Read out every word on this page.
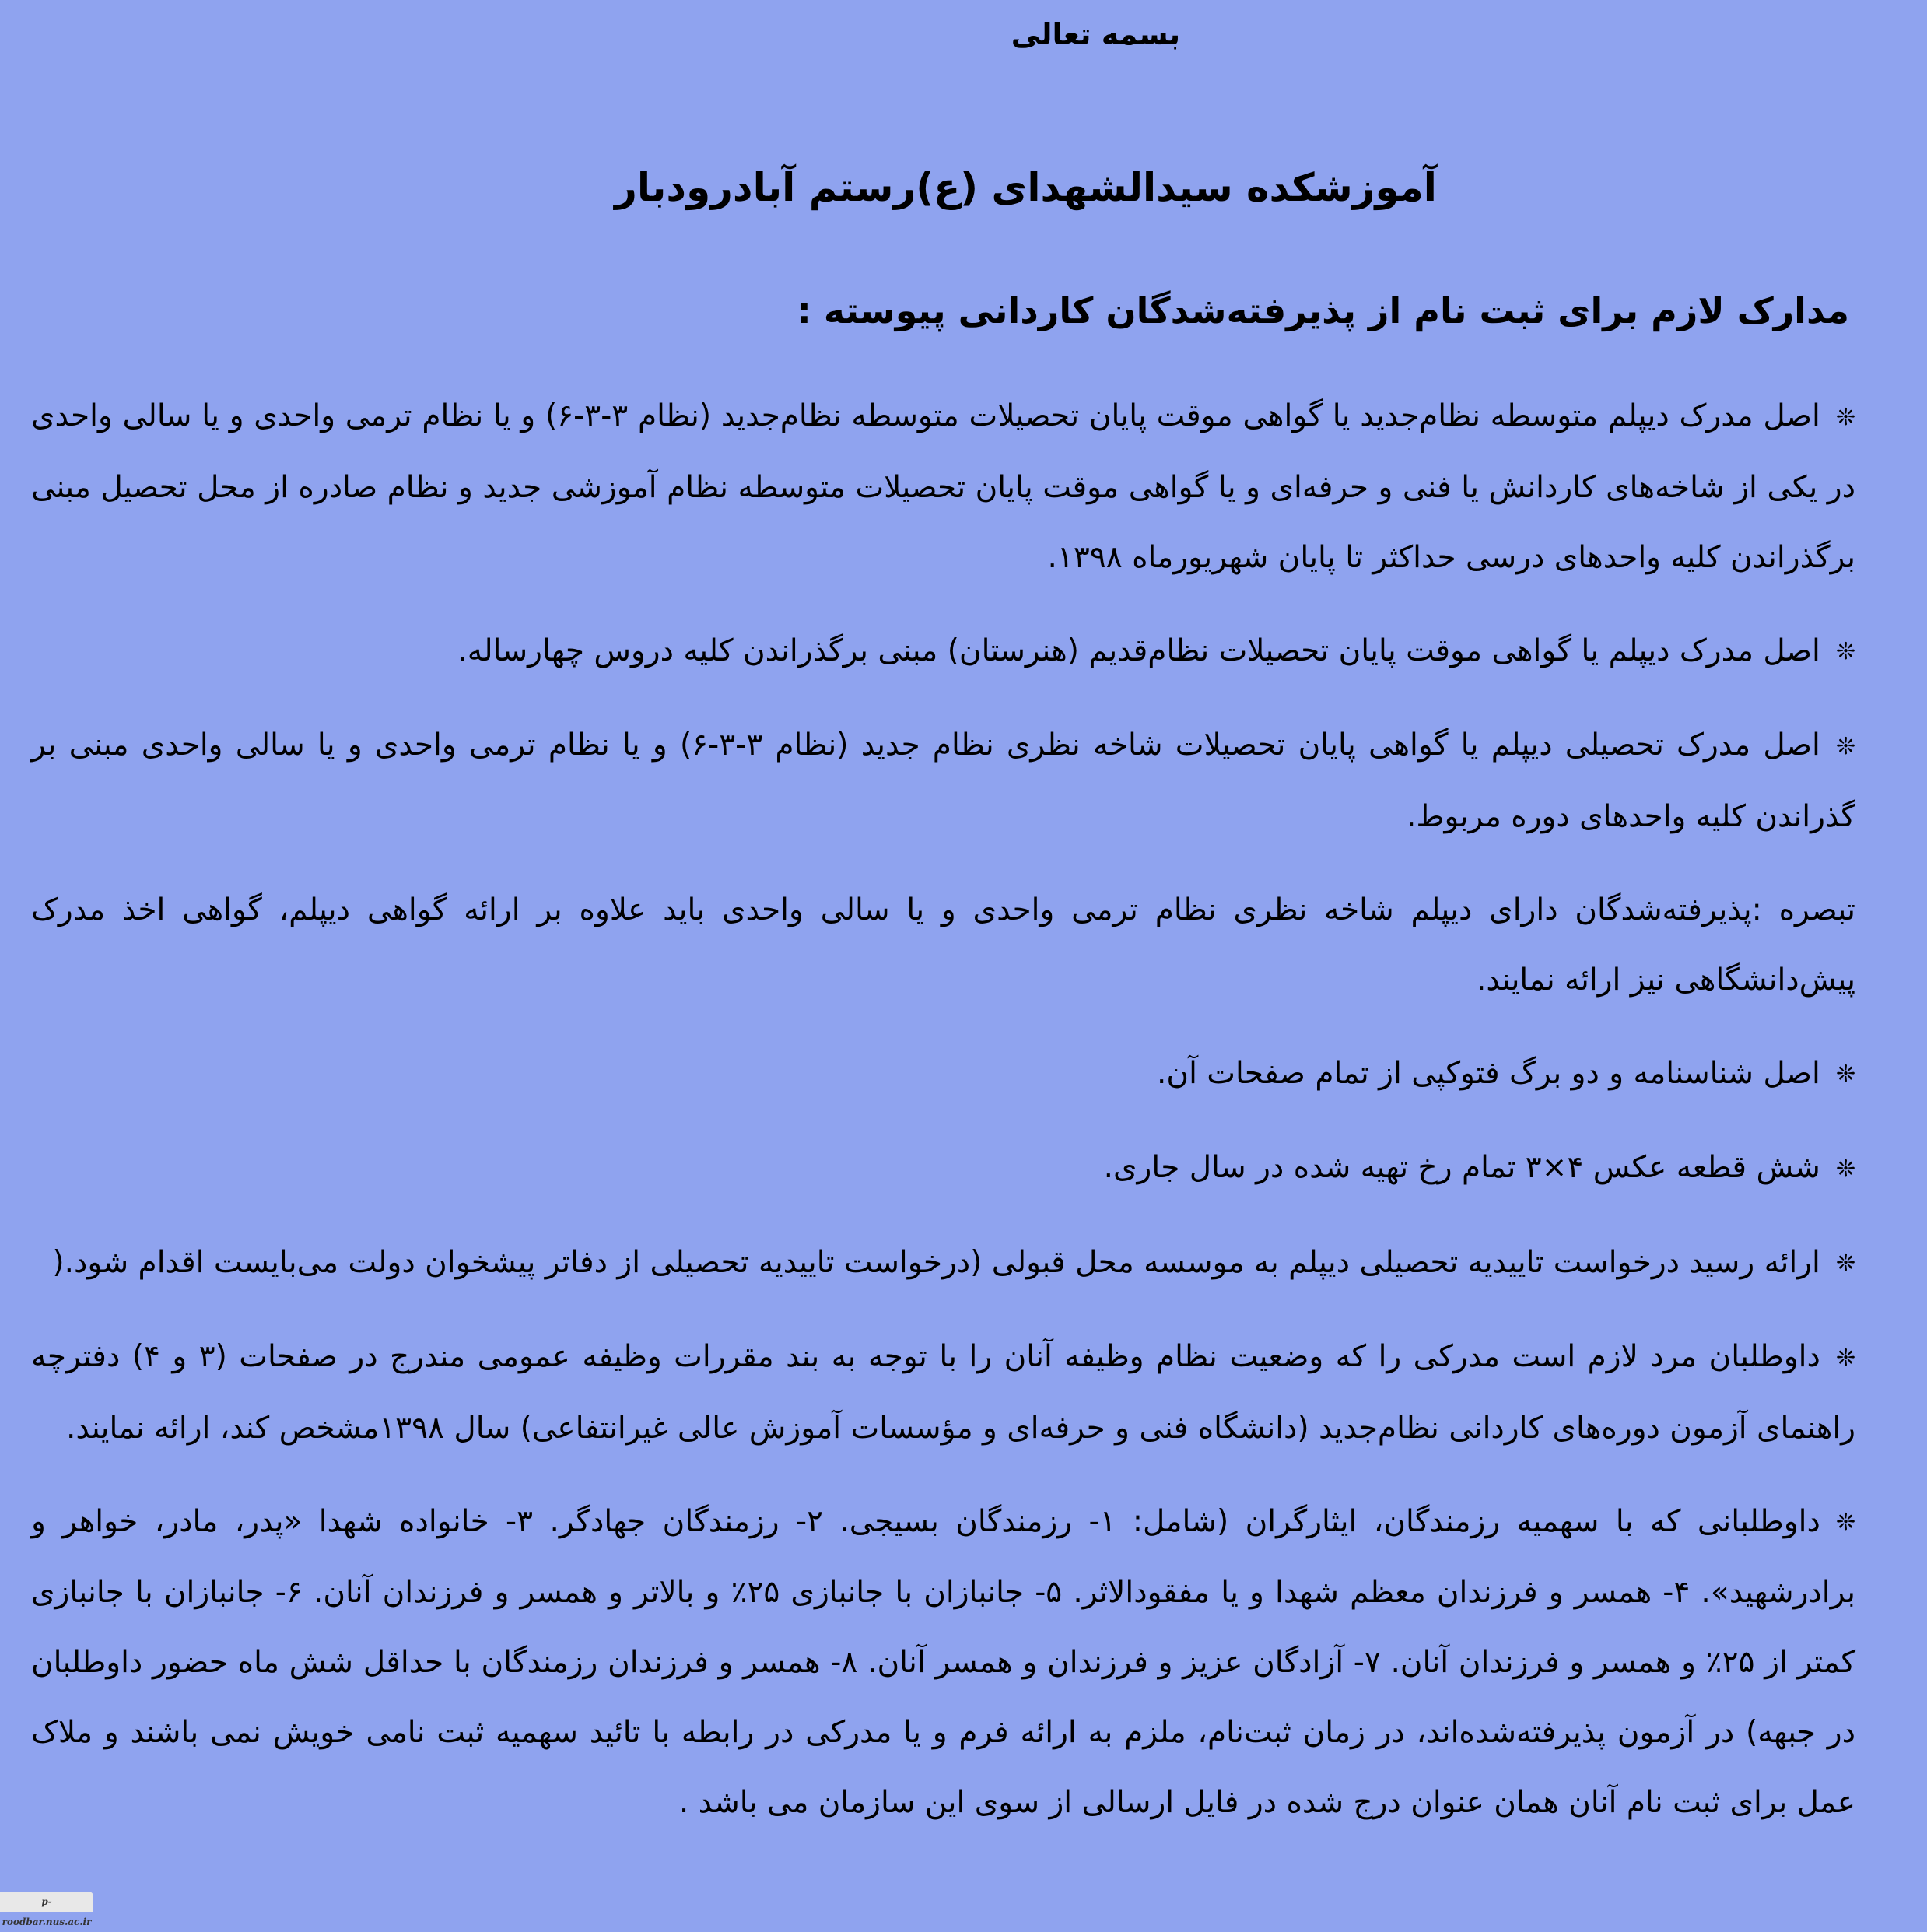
بسمه تعالی
آموزشکده سیدالشهدای (ع)رستم آبادرودبار
مدارک لازم برای ثبت نام از پذیرفته‌شدگان کاردانی پیوسته :

❊اصل مدرک دیپلم متوسطه نظام‌جدید یا گواهی موقت پایان تحصیلات متوسطه نظام‌جدید (نظام ۳-۳-۶) و یا نظام ترمی واحدی و یا سالی واحدی در یکی از شاخه‌های کاردانش یا فنی و حرفه‌ای و یا گواهی موقت پایان تحصیلات متوسطه نظام آموزشی جدید و نظام صادره از محل تحصیل مبنی برگذراندن کلیه واحدهای درسی حداکثر تا پایان شهریورماه ۱۳۹۸.

❊اصل مدرک دیپلم یا گواهی موقت پایان تحصیلات نظام‌قدیم (هنرستان) مبنی برگذراندن کلیه دروس چهارساله.

❊اصل مدرک تحصیلی دیپلم یا گواهی پایان تحصیلات شاخه نظری نظام جدید (نظام ۳-۳-۶) و یا نظام ترمی واحدی و یا سالی واحدی مبنی بر گذراندن کلیه واحدهای دوره مربوط.

تبصره :پذیرفته‌شدگان دارای دیپلم شاخه نظری نظام ترمی واحدی و یا سالی واحدی باید علاوه بر ارائه گواهی دیپلم، گواهی اخذ مدرک پیش‌دانشگاهی نیز ارائه نمایند.

❊اصل شناسنامه و دو برگ فتوکپی از تمام صفحات آن.

❊شش قطعه عکس ۴×۳ تمام رخ تهیه شده در سال جاری.

❊ارائه رسید درخواست تاییدیه تحصیلی دیپلم به موسسه محل قبولی (درخواست تاییدیه تحصیلی از دفاتر پیشخوان دولت می‌بایست اقدام شود.(

❊داوطلبان مرد لازم است مدرکی را که وضعیت نظام وظیفه آنان را با توجه به بند مقررات وظیفه عمومی مندرج در صفحات (۳ و ۴) دفترچه راهنمای آزمون دوره‌های کاردانی نظام‌جدید (دانشگاه فنی و حرفه‌ای و مؤسسات آموزش عالی غیرانتفاعی) سال ۱۳۹۸مشخص کند، ارائه نمایند.

❊داوطلبانی که با سهمیه رزمندگان، ایثارگران (شامل: ۱- رزمندگان بسیجی. ۲- رزمندگان جهادگر. ۳- خانواده شهدا «پدر، مادر، خواهر و برادرشهید». ۴- همسر و فرزندان معظم شهدا و یا مفقودالاثر. ۵- جانبازان با جانبازی ۲۵٪ و بالاتر و همسر و فرزندان آنان. ۶- جانبازان با جانبازی کمتر از ۲۵٪ و همسر و فرزندان آنان. ۷- آزادگان عزیز و فرزندان و همسر آنان. ۸- همسر و فرزندان رزمندگان با حداقل شش ماه حضور داوطلبان در جبهه) در آزمون پذیرفته‌شده‌اند، در زمان ثبت‌نام، ملزم به ارائه فرم و یا مدرکی در رابطه با تائید سهمیه ثبت نامی خویش نمی باشند و ملاک عمل برای ثبت نام آنان همان عنوان درج شده در فایل ارسالی از سوی این سازمان می باشد .

p-roodbar.nus.ac.ir
